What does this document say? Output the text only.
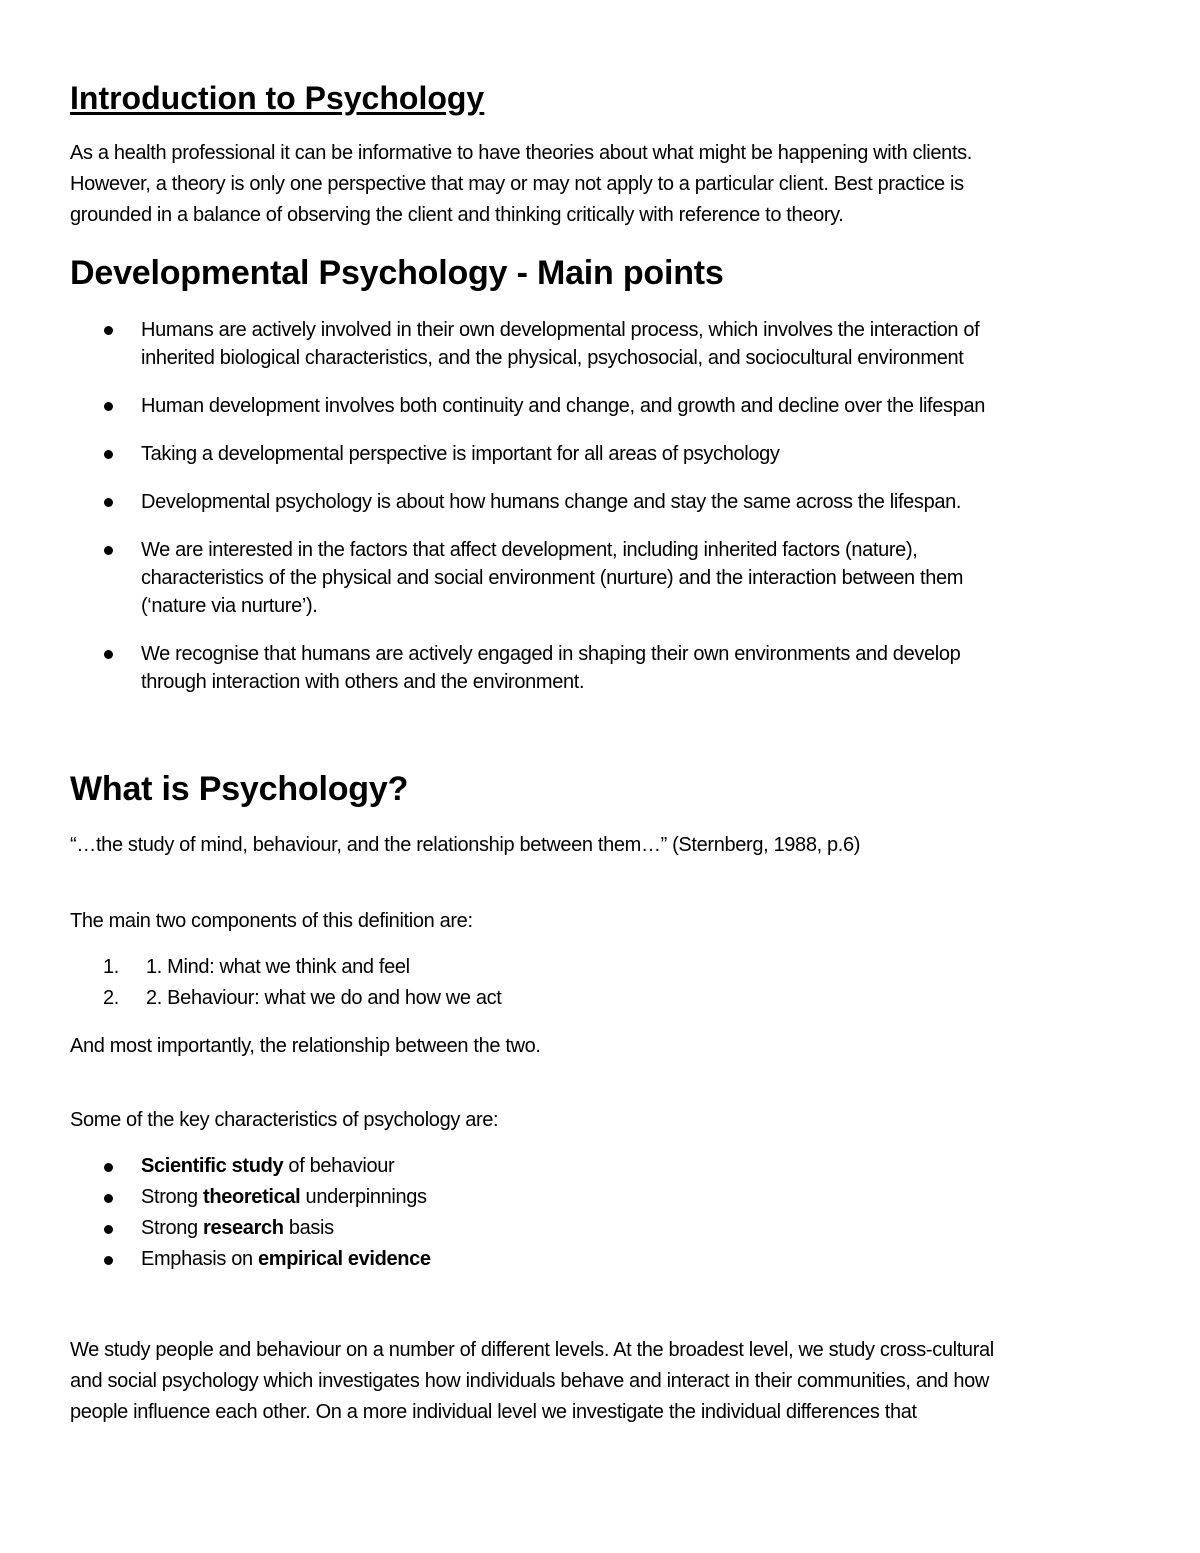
Introduction to Psychology

As a health professional it can be informative to have theories about what might be happening with clients.
However, a theory is only one perspective that may or may not apply to a particular client. Best practice is
grounded in a balance of observing the client and thinking critically with reference to theory.

Developmental Psychology - Main points
Humans are actively involved in their own developmental process, which involves the interaction of
inherited biological characteristics, and the physical, psychosocial, and sociocultural environment
Human development involves both continuity and change, and growth and decline over the lifespan
Taking a developmental perspective is important for all areas of psychology
Developmental psychology is about how humans change and stay the same across the lifespan.
We are interested in the factors that affect development, including inherited factors (nature),
characteristics of the physical and social environment (nurture) and the interaction between them
(‘nature via nurture’).
We recognise that humans are actively engaged in shaping their own environments and develop
through interaction with others and the environment.
What is Psychology?

“…the study of mind, behaviour, and the relationship between them…” (Sternberg, 1988, p.6)

The main two components of this definition are:

1. 1. Mind: what we think and feel
2. 2. Behaviour: what we do and how we act

And most importantly, the relationship between the two.

Some of the key characteristics of psychology are:

Scientific study of behaviour
Strong theoretical underpinnings
Strong research basis
Emphasis on empirical evidence

We study people and behaviour on a number of different levels. At the broadest level, we study cross-cultural
and social psychology which investigates how individuals behave and interact in their communities, and how
people influence each other. On a more individual level we investigate the individual differences that
